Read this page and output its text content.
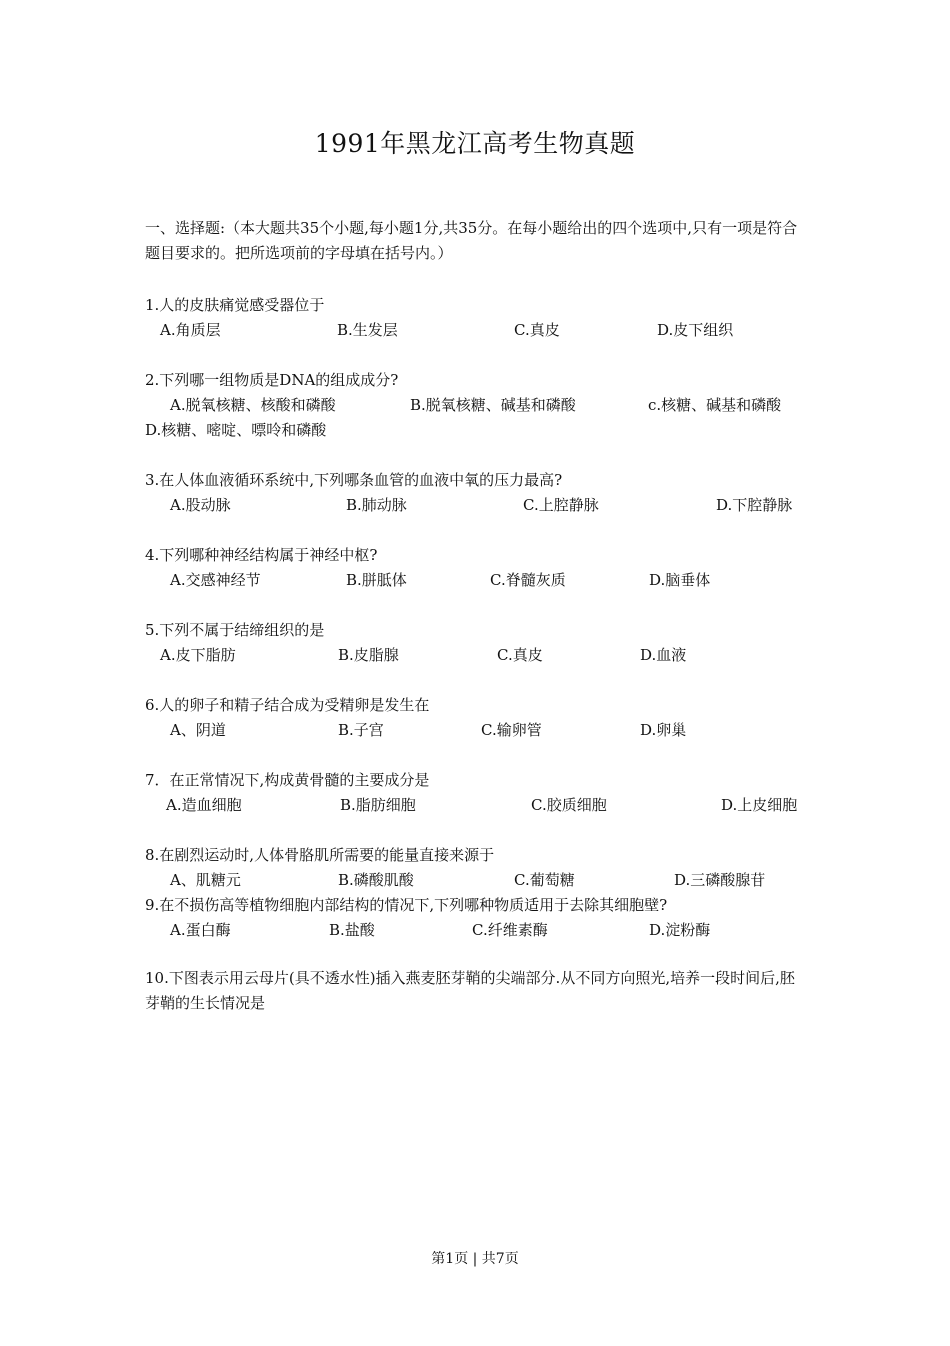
1991年黑龙江高考生物真题
一、选择题:（本大题共35个小题,每小题1分,共35分。在每小题给出的四个选项中,只有一项是符合题目要求的。把所选项前的字母填在括号内。）
1.人的皮肤痛觉感受器位于
A.角质层	B.生发层	C.真皮	D.皮下组织
2.下列哪一组物质是DNA的组成成分?
A.脱氧核糖、核酸和磷酸	B.脱氧核糖、碱基和磷酸	c.核糖、碱基和磷酸
D.核糖、嘧啶、嘌呤和磷酸
3.在人体血液循环系统中,下列哪条血管的血液中氧的压力最高?
A.股动脉	B.肺动脉	C.上腔静脉	D.下腔静脉
4.下列哪种神经结构属于神经中枢?
A.交感神经节	B.胼胝体	C.脊髓灰质	D.脑垂体
5.下列不属于结缔组织的是
A.皮下脂肪	B.皮脂腺	C.真皮	D.血液
6.人的卵子和精子结合成为受精卵是发生在
A、阴道	B.子宫	C.输卵管	D.卵巢
7．在正常情况下,构成黄骨髓的主要成分是
A.造血细胞	B.脂肪细胞	C.胶质细胞	D.上皮细胞
8.在剧烈运动时,人体骨胳肌所需要的能量直接来源于
A、肌糖元	B.磷酸肌酸	C.葡萄糖	D.三磷酸腺苷
9.在不损伤高等植物细胞内部结构的情况下,下列哪种物质适用于去除其细胞壁?
A.蛋白酶	B.盐酸	C.纤维素酶	D.淀粉酶
10.下图表示用云母片(具不透水性)插入燕麦胚芽鞘的尖端部分.从不同方向照光,培养一段时间后,胚芽鞘的生长情况是
第1页 | 共7页
